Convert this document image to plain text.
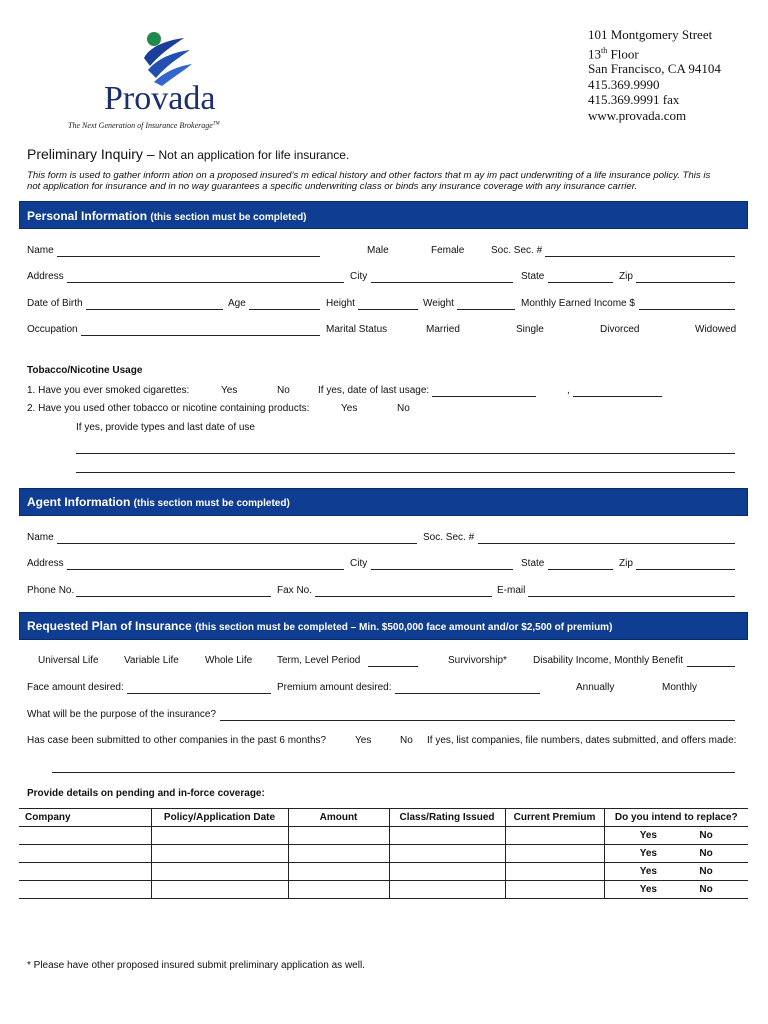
Provada
The Next Generation of Insurance Brokerage™
101 Montgomery Street
13th Floor
San Francisco, CA 94104
415.369.9990
415.369.9991 fax
www.provada.com
Preliminary Inquiry – Not an application for life insurance.
This form is used to gather inform ation on a proposed insured’s m edical history and other factors that m ay im pact underwriting of a life insurance policy. This is
not application for insurance and in no way guarantees a specific underwriting class or binds any insurance coverage with any insurance carrier.
Personal Information (this section must be completed)
Name	Male	Female	Soc. Sec. #
Address	City	State	Zip
Date of Birth	Age	Height	Weight	Monthly Earned Income $
Occupation	Marital Status	Married	Single	Divorced	Widowed
Tobacco/Nicotine Usage
1. Have you ever smoked cigarettes:	Yes	No	If yes, date of last usage:	,
2. Have you used other tobacco or nicotine containing products:	Yes	No
If yes, provide types and last date of use
Agent Information (this section must be completed)
Name	Soc. Sec. #
Address	City	State	Zip
Phone No.	Fax No.	E-mail
Requested Plan of Insurance (this section must be completed – Min. $500,000 face amount and/or $2,500 of premium)
Universal Life	Variable Life	Whole Life Term, Level Period	Survivorship*	Disability Income, Monthly Benefit
Face amount desired:	Premium amount desired:	Annually	Monthly
What will be the purpose of the insurance?
Has case been submitted to other companies in the past 6 months?	Yes	No If yes, list companies, file numbers, dates submitted, and offers made:
Provide details on pending and in-force coverage:
Company	Policy/Application Date	Amount	Class/Rating Issued	Current Premium	Do you intend to replace?

					Yes No

					Yes No

					Yes No

					Yes No
* Please have other proposed insured submit preliminary application as well.
